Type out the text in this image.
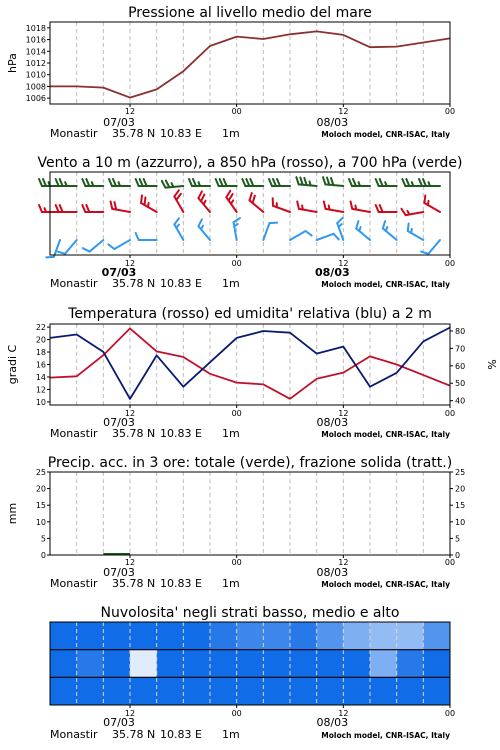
Pressione al livello medio del mare
1006
1008
1010
1012
1014
1016
1018
hPa
12	00	12	00
07/03	08/03
Monastir 35.78 N 10.83 E 1m	Moloch model, CNR-ISAC, Italy
Vento a 10 m (azzurro), a 850 hPa (rosso), a 700 hPa (verde)
12	00	12	00
07/03	08/03
Monastir 35.78 N 10.83 E 1m	Moloch model, CNR-ISAC, Italy
Temperatura (rosso) ed umidita' relativa (blu) a 2 m
10
12
14
16
18
20
22
gradi C
40
50
60
70
80
%
12	00	12	00
07/03	08/03
Monastir 35.78 N 10.83 E 1m	Moloch model, CNR-ISAC, Italy
Precip. acc. in 3 ore: totale (verde), frazione solida (tratt.)
0
5
10
15
20
25
mm
0
5
10
15
20
25
12	00	12	00
07/03	08/03
Monastir 35.78 N 10.83 E 1m	Moloch model, CNR-ISAC, Italy
Nuvolosita' negli strati basso, medio e alto
12	00	12	00
07/03	08/03
Monastir 35.78 N 10.83 E 1m	Moloch model, CNR-ISAC, Italy
